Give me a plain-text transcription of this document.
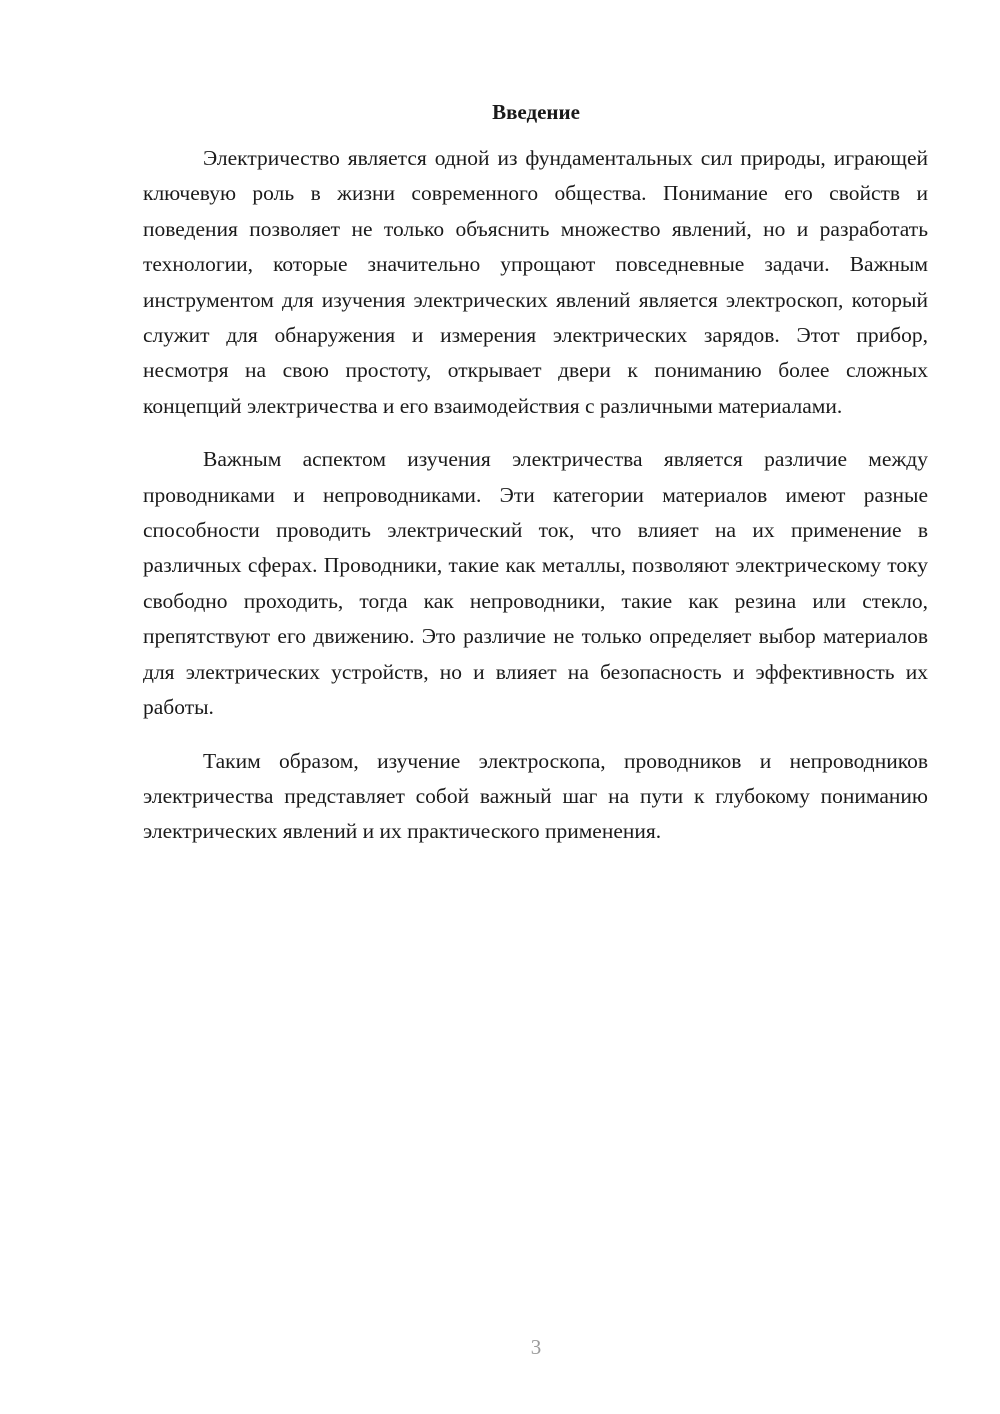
Введение

Электричество является одной из фундаментальных сил природы, играющей ключевую роль в жизни современного общества. Понимание его свойств и поведения позволяет не только объяснить множество явлений, но и разработать технологии, которые значительно упрощают повседневные задачи. Важным инструментом для изучения электрических явлений является электроскоп, который служит для обнаружения и измерения электрических зарядов. Этот прибор, несмотря на свою простоту, открывает двери к пониманию более сложных концепций электричества и его взаимодействия с различными материалами.

Важным аспектом изучения электричества является различие между проводниками и непроводниками. Эти категории материалов имеют разные способности проводить электрический ток, что влияет на их применение в различных сферах. Проводники, такие как металлы, позволяют электрическому току свободно проходить, тогда как непроводники, такие как резина или стекло, препятствуют его движению. Это различие не только определяет выбор материалов для электрических устройств, но и влияет на безопасность и эффективность их работы.

Таким образом, изучение электроскопа, проводников и непроводников электричества представляет собой важный шаг на пути к глубокому пониманию электрических явлений и их практического применения.

3
